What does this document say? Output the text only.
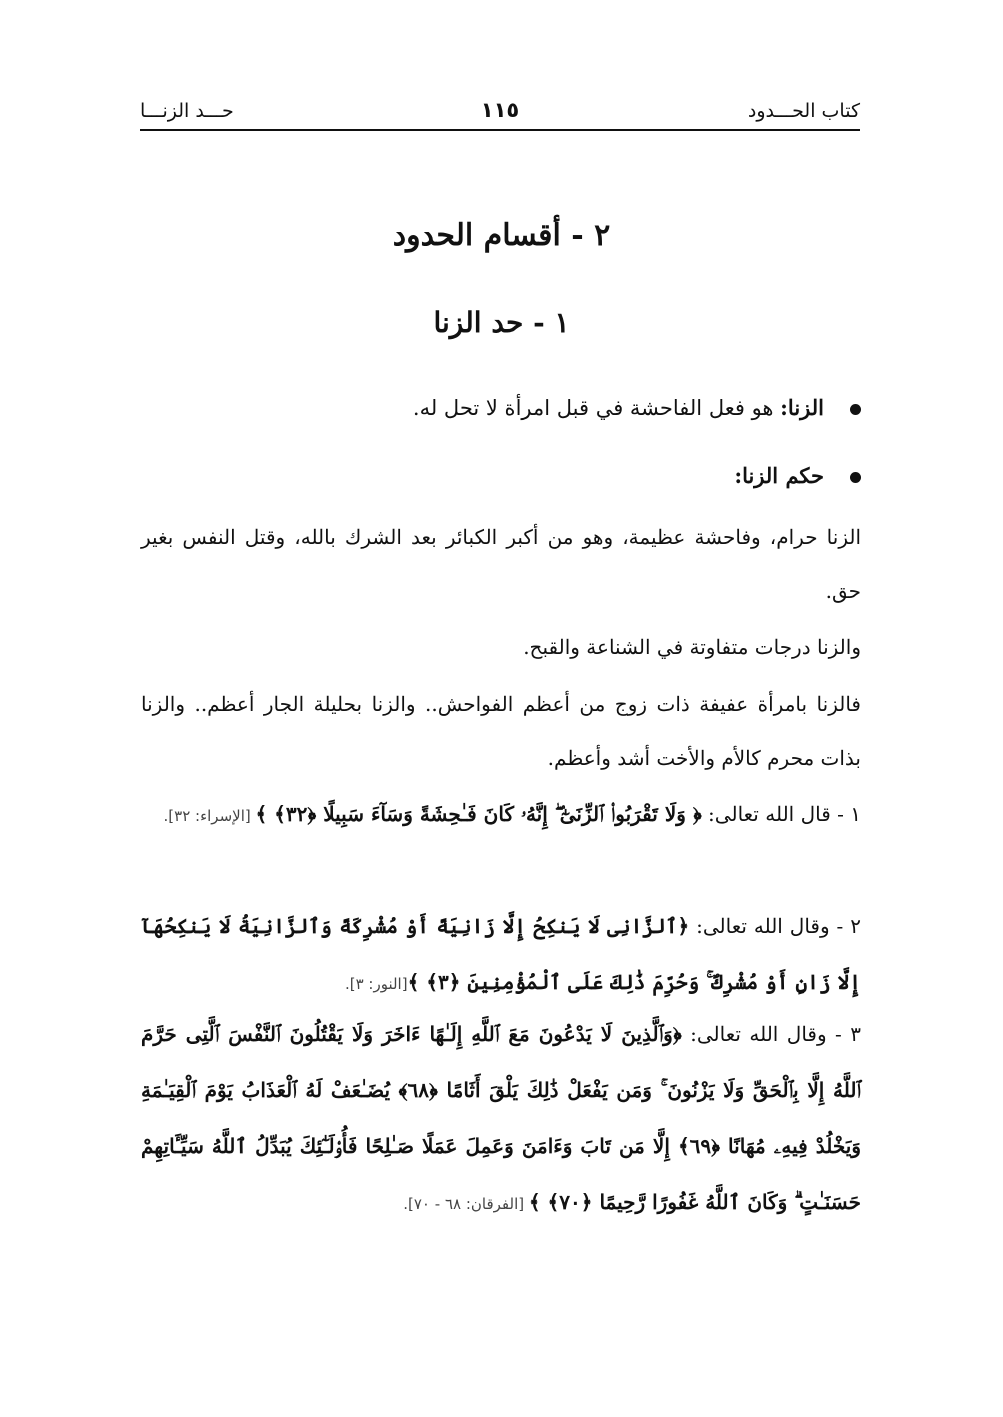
كتاب الحـــدود
١١٥
حـــد الزنـــا
٢ - أقسام الحدود
١ - حد الزنا
الزنا: هو فعل الفاحشة في قبل امرأة لا تحل له.
حكم الزنا:
الزنا حرام، وفاحشة عظيمة، وهو من أكبر الكبائر بعد الشرك بالله، وقتل النفس بغير حق.
والزنا درجات متفاوتة في الشناعة والقبح.
فالزنا بامرأة عفيفة ذات زوج من أعظم الفواحش.. والزنا بحليلة الجار أعظم.. والزنا بذات محرم كالأم والأخت أشد وأعظم.
١ - قال الله تعالى: ﴿ وَلَا تَقْرَبُوا۟ ٱلزِّنَىٰٓ ۖ إِنَّهُۥ كَانَ فَـٰحِشَةً وَسَآءَ سَبِيلًا ﴿٣٢﴾ ﴾ [الإسراء: ٣٢].
٢ - وقال الله تعالى: ﴿ٱلزَّانِى لَا يَنكِحُ إِلَّا زَانِيَةً أَوْ مُشْرِكَةً وَٱلزَّانِيَةُ لَا يَنكِحُهَآ إِلَّا زَانٍ أَوْ مُشْرِكٌ ۚ وَحُرِّمَ ذَٰلِكَ عَلَى ٱلْمُؤْمِنِينَ ﴿٣﴾ ﴾[النور: ٣].
٣ - وقال الله تعالى: ﴿وَٱلَّذِينَ لَا يَدْعُونَ مَعَ ٱللَّهِ إِلَـٰهًا ءَاخَرَ وَلَا يَقْتُلُونَ ٱلنَّفْسَ ٱلَّتِى حَرَّمَ ٱللَّهُ إِلَّا بِٱلْحَقِّ وَلَا يَزْنُونَ ۚ وَمَن يَفْعَلْ ذَٰلِكَ يَلْقَ أَثَامًا ﴿٦٨﴾ يُضَـٰعَفْ لَهُ ٱلْعَذَابُ يَوْمَ ٱلْقِيَـٰمَةِ وَيَخْلُدْ فِيهِۦ مُهَانًا ﴿٦٩﴾ إِلَّا مَن تَابَ وَءَامَنَ وَعَمِلَ عَمَلًا صَـٰلِحًا فَأُو۟لَـٰٓئِكَ يُبَدِّلُ ٱللَّهُ سَيِّـَٔاتِهِمْ حَسَنَـٰتٍ ۗ وَكَانَ ٱللَّهُ غَفُورًا رَّحِيمًا ﴿٧٠﴾ ﴾ [الفرقان: ٦٨ - ٧٠].
